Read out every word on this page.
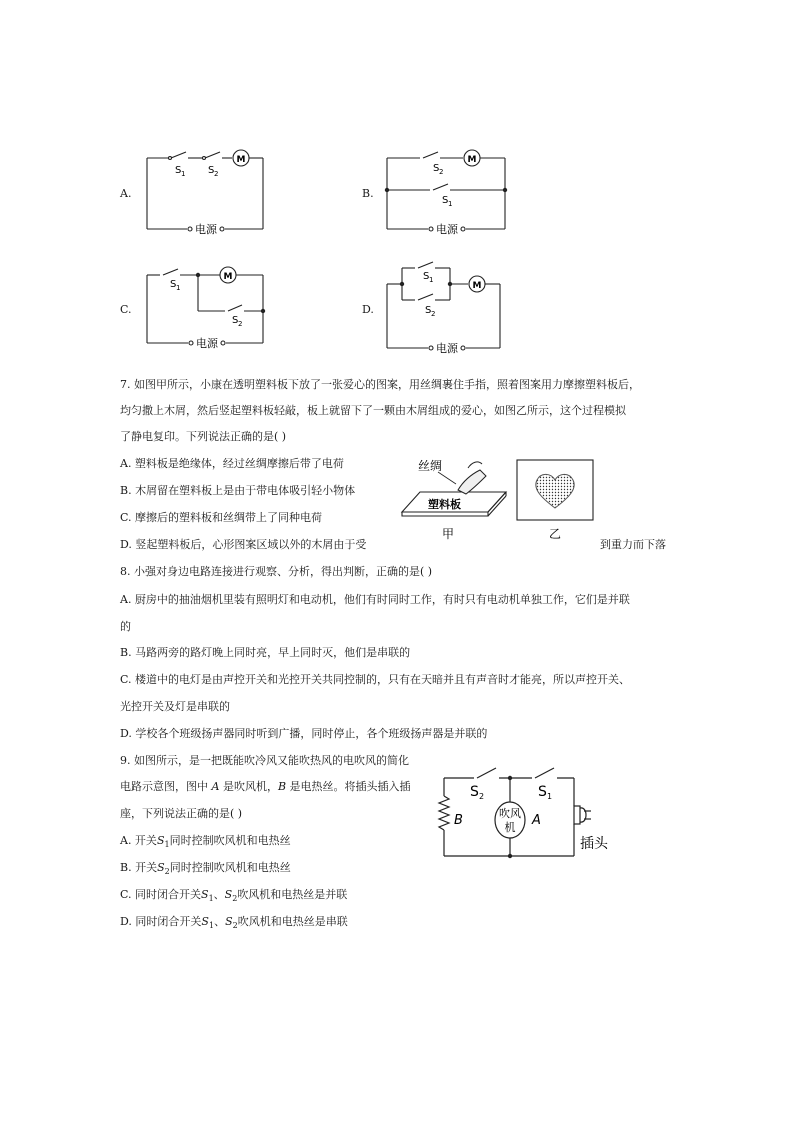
A.
M
S 1 S 2
电源
B.
M
S 2
S 1
电源
C.
M
S 1
S 2
电源
D.
M
S 1
S 2
电源
7. 如图甲所示，小康在透明塑料板下放了一张爱心的图案，用丝绸裹住手指，照着图案用力摩擦塑料板后，
均匀撒上木屑，然后竖起塑料板轻敲，板上就留下了一颗由木屑组成的爱心，如图乙所示，这个过程模拟
了静电复印。下列说法正确的是( )
A. 塑料板是绝缘体，经过丝绸摩擦后带了电荷
B. 木屑留在塑料板上是由于带电体吸引轻小物体
C. 摩擦后的塑料板和丝绸带上了同种电荷
D. 竖起塑料板后，心形图案区域以外的木屑由于受	到重力而下落
丝绸
塑料板
甲	乙
8. 小强对身边电路连接进行观察、分析，得出判断，正确的是( )
A. 厨房中的抽油烟机里装有照明灯和电动机，他们有时同时工作，有时只有电动机单独工作，它们是并联
的
B. 马路两旁的路灯晚上同时亮，早上同时灭，他们是串联的
C. 楼道中的电灯是由声控开关和光控开关共同控制的，只有在天暗并且有声音时才能亮，所以声控开关、
光控开关及灯是串联的
D. 学校各个班级扬声器同时听到广播，同时停止，各个班级扬声器是并联的
9. 如图所示，是一把既能吹冷风又能吹热风的电吹风的简化
电路示意图，图中 A 是吹风机，B 是电热丝。将插头插入插
座，下列说法正确的是( )
A. 开关$S_1$同时控制吹风机和电热丝
B. 开关$S_2$同时控制吹风机和电热丝
C. 同时闭合开关$S_1$、$S_2$吹风机和电热丝是并联
D. 同时闭合开关$S_1$、$S_2$吹风机和电热丝是串联
S 2	S 1
B	A
吹风
机
插头
